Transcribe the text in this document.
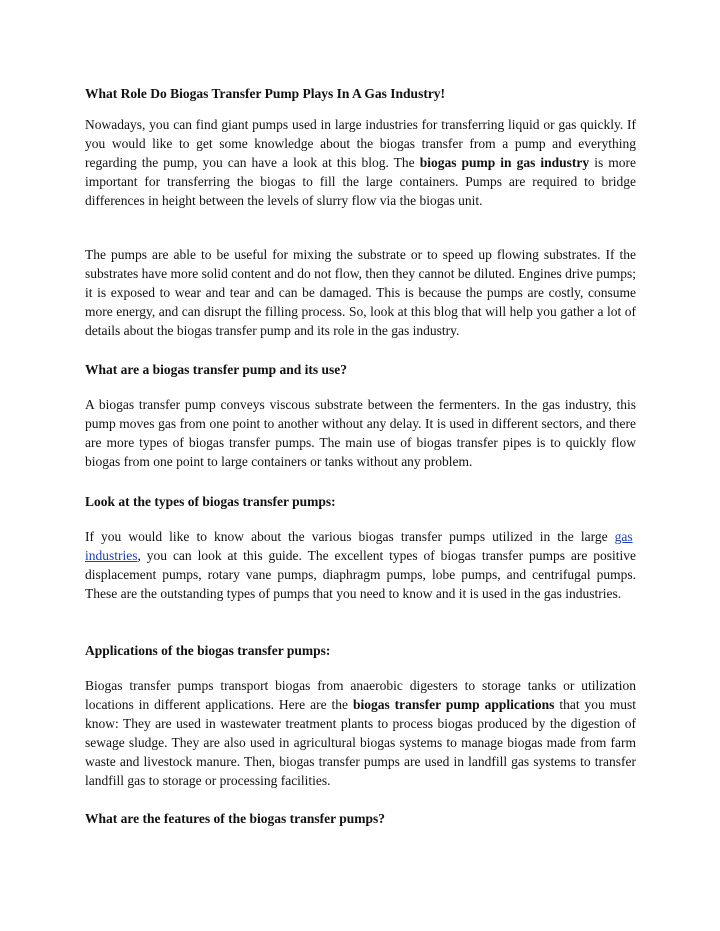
What Role Do Biogas Transfer Pump Plays In A Gas Industry!

Nowadays, you can find giant pumps used in large industries for transferring liquid or gas quickly. If you would like to get some knowledge about the biogas transfer from a pump and everything regarding the pump, you can have a look at this blog. The biogas pump in gas industry is more important for transferring the biogas to fill the large containers. Pumps are required to bridge differences in height between the levels of slurry flow via the biogas unit.

The pumps are able to be useful for mixing the substrate or to speed up flowing substrates. If the substrates have more solid content and do not flow, then they cannot be diluted. Engines drive pumps; it is exposed to wear and tear and can be damaged. This is because the pumps are costly, consume more energy, and can disrupt the filling process. So, look at this blog that will help you gather a lot of details about the biogas transfer pump and its role in the gas industry.

What are a biogas transfer pump and its use?

A biogas transfer pump conveys viscous substrate between the fermenters. In the gas industry, this pump moves gas from one point to another without any delay. It is used in different sectors, and there are more types of biogas transfer pumps. The main use of biogas transfer pipes is to quickly flow biogas from one point to large containers or tanks without any problem.

Look at the types of biogas transfer pumps:

If you would like to know about the various biogas transfer pumps utilized in the large gas  industries, you can look at this guide. The excellent types of biogas transfer pumps are positive displacement pumps, rotary vane pumps, diaphragm pumps, lobe pumps, and centrifugal pumps. These are the outstanding types of pumps that you need to know and it is used in the gas industries.

Applications of the biogas transfer pumps:

Biogas transfer pumps transport biogas from anaerobic digesters to storage tanks or utilization locations in different applications. Here are the biogas transfer pump applications that you must know: They are used in wastewater treatment plants to process biogas produced by the digestion of sewage sludge. They are also used in agricultural biogas systems to manage biogas made from farm waste and livestock manure. Then, biogas transfer pumps are used in landfill gas systems to transfer landfill gas to storage or processing facilities.

What are the features of the biogas transfer pumps?
